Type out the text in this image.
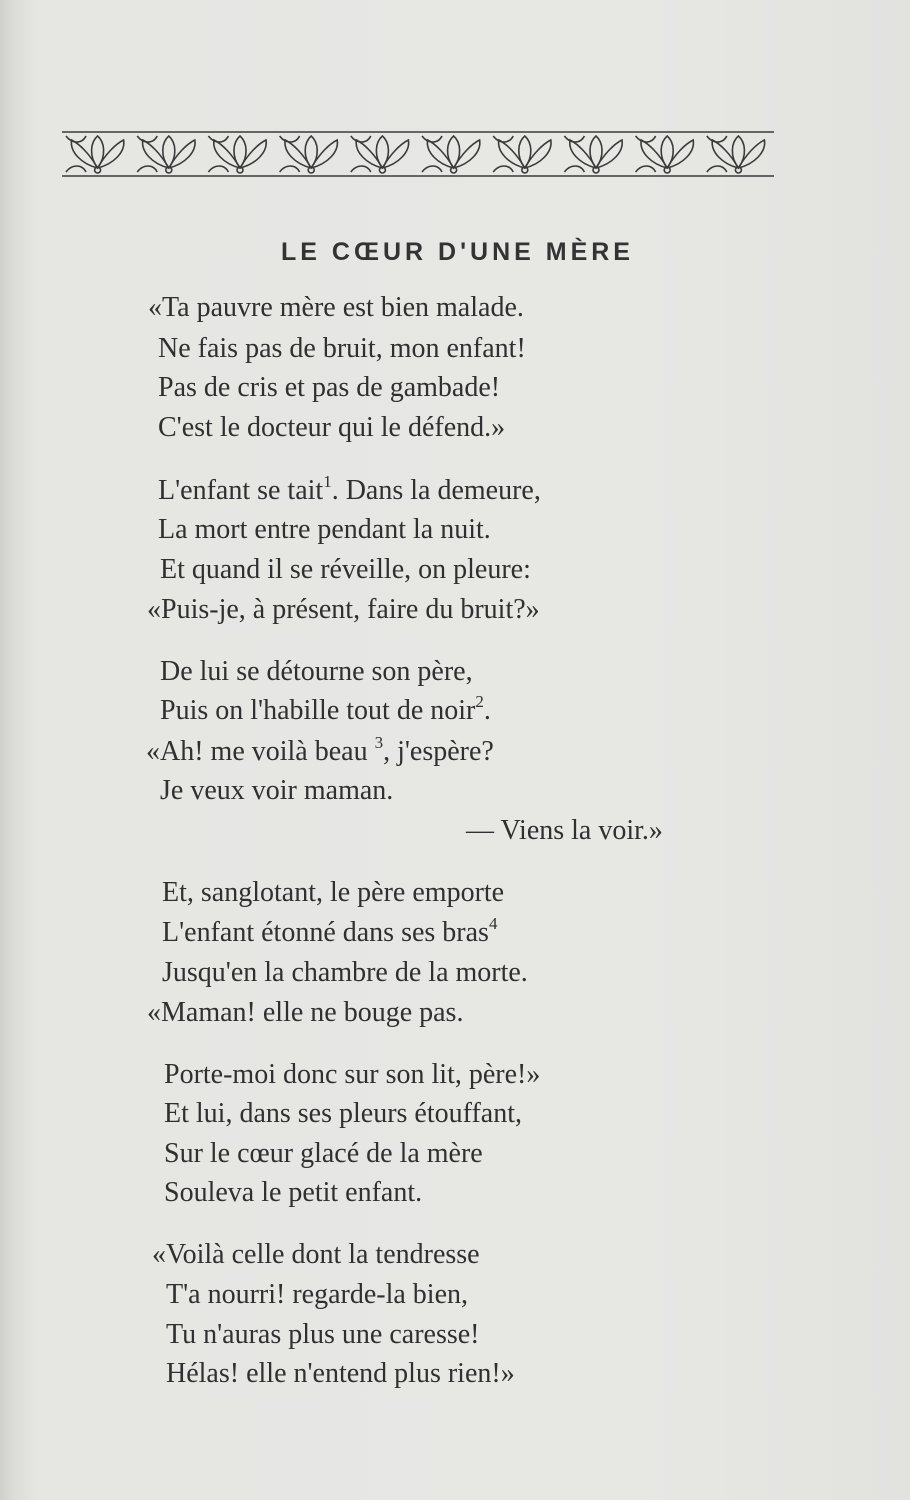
LE CŒUR D'UNE MÈRE
«Ta pauvre mère est bien malade.
Ne fais pas de bruit, mon enfant!
Pas de cris et pas de gambade!
C'est le docteur qui le défend.»
L'enfant se tait$^1$. Dans la demeure,
La mort entre pendant la nuit.
Et quand il se réveille, on pleure:
«Puis-je, à présent, faire du bruit?»
De lui se détourne son père,
Puis on l'habille tout de noir$^2$.
«Ah! me voilà beau $^3$, j'espère?
Je veux voir maman.
— Viens la voir.»
Et, sanglotant, le père emporte
L'enfant étonné dans ses bras$^4$
Jusqu'en la chambre de la morte.
«Maman! elle ne bouge pas.
Porte-moi donc sur son lit, père!»
Et lui, dans ses pleurs étouffant,
Sur le cœur glacé de la mère
Souleva le petit enfant.
«Voilà celle dont la tendresse
T'a nourri! regarde-la bien,
Tu n'auras plus une caresse!
Hélas! elle n'entend plus rien!»
